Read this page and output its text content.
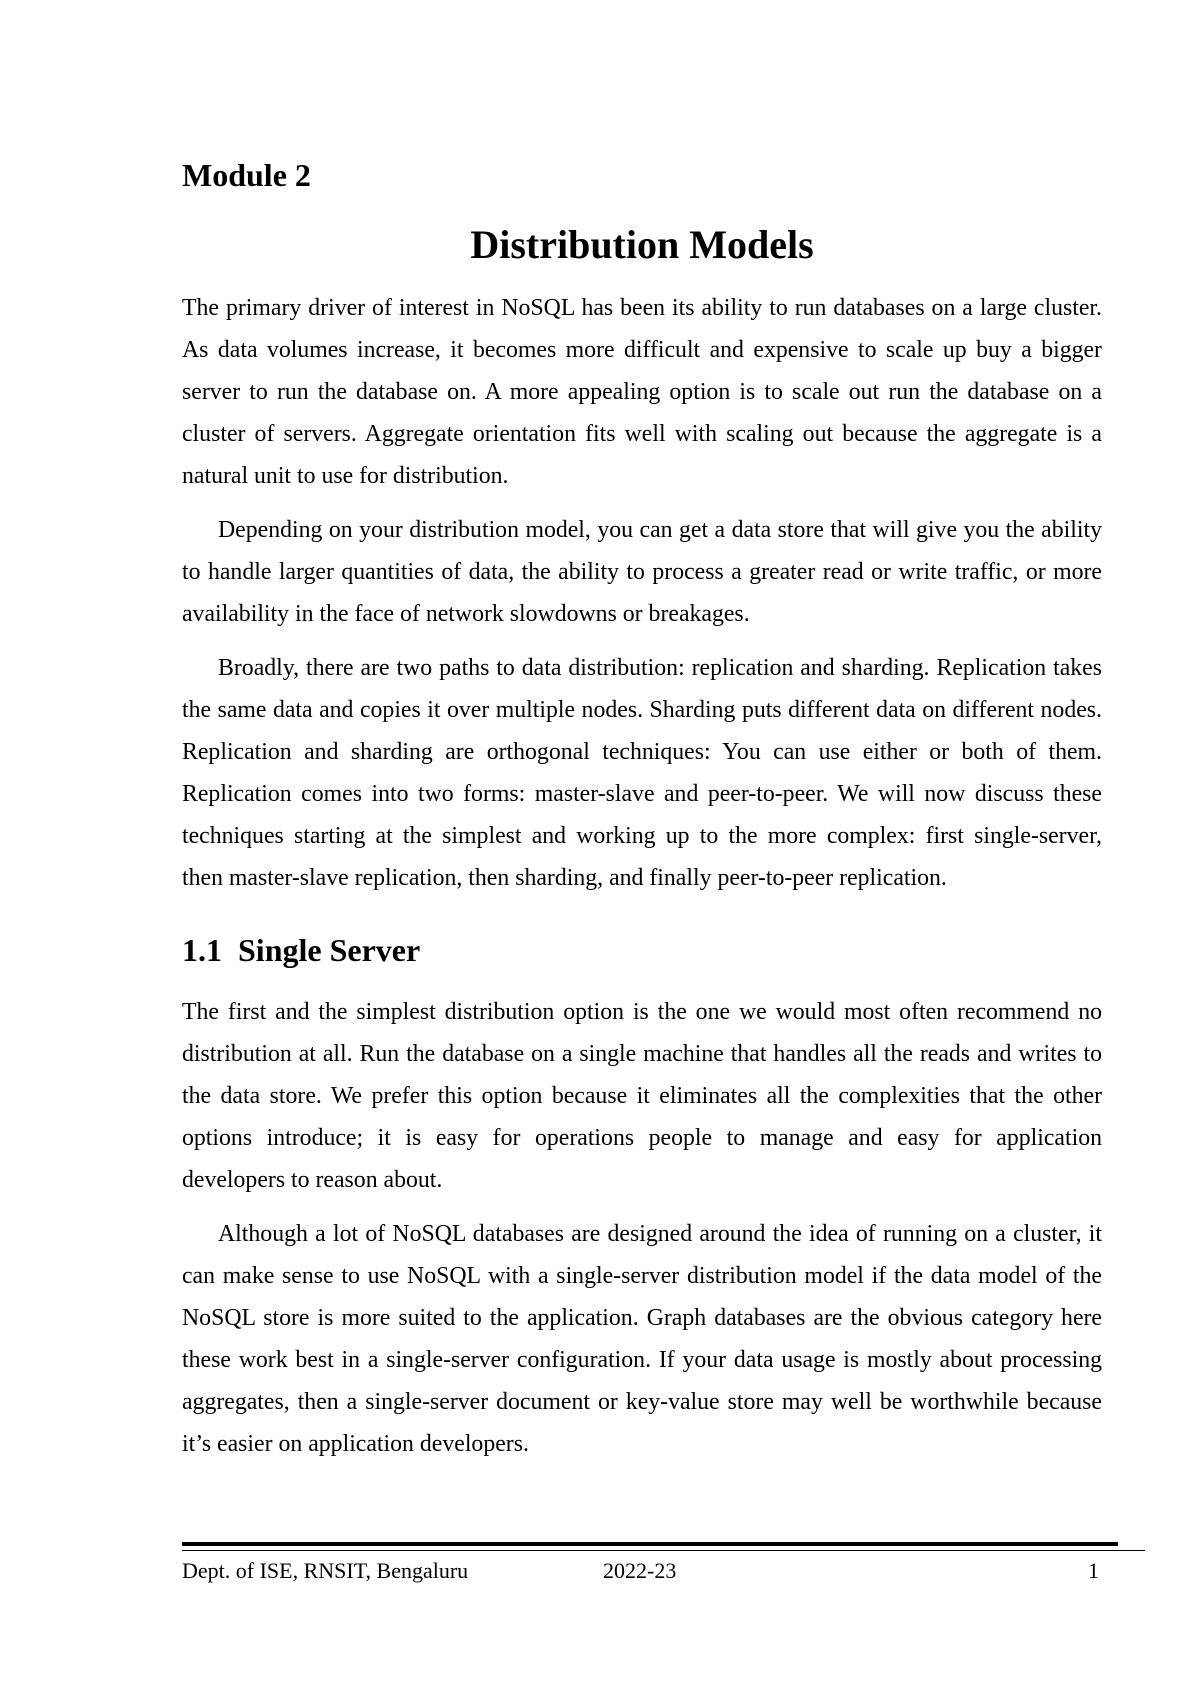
Module 2
Distribution Models
The primary driver of interest in NoSQL has been its ability to run databases on a large cluster.
As data volumes increase, it becomes more difficult and expensive to scale up buy a bigger
server to run the database on. A more appealing option is to scale out run the database on a
cluster of servers. Aggregate orientation fits well with scaling out because the aggregate is a
natural unit to use for distribution.
Depending on your distribution model, you can get a data store that will give you the ability
to handle larger quantities of data, the ability to process a greater read or write traffic, or more
availability in the face of network slowdowns or breakages.
Broadly, there are two paths to data distribution: replication and sharding. Replication takes
the same data and copies it over multiple nodes. Sharding puts different data on different nodes.
Replication and sharding are orthogonal techniques: You can use either or both of them.
Replication comes into two forms: master-slave and peer-to-peer. We will now discuss these
techniques starting at the simplest and working up to the more complex: first single-server,
then master-slave replication, then sharding, and finally peer-to-peer replication.
1.1 Single Server
The first and the simplest distribution option is the one we would most often recommend no
distribution at all. Run the database on a single machine that handles all the reads and writes to
the data store. We prefer this option because it eliminates all the complexities that the other
options introduce; it is easy for operations people to manage and easy for application
developers to reason about.
Although a lot of NoSQL databases are designed around the idea of running on a cluster, it
can make sense to use NoSQL with a single-server distribution model if the data model of the
NoSQL store is more suited to the application. Graph databases are the obvious category here
these work best in a single-server configuration. If your data usage is mostly about processing
aggregates, then a single-server document or key-value store may well be worthwhile because
it’s easier on application developers.
Dept. of ISE, RNSIT, Bengaluru	2022-23	1
